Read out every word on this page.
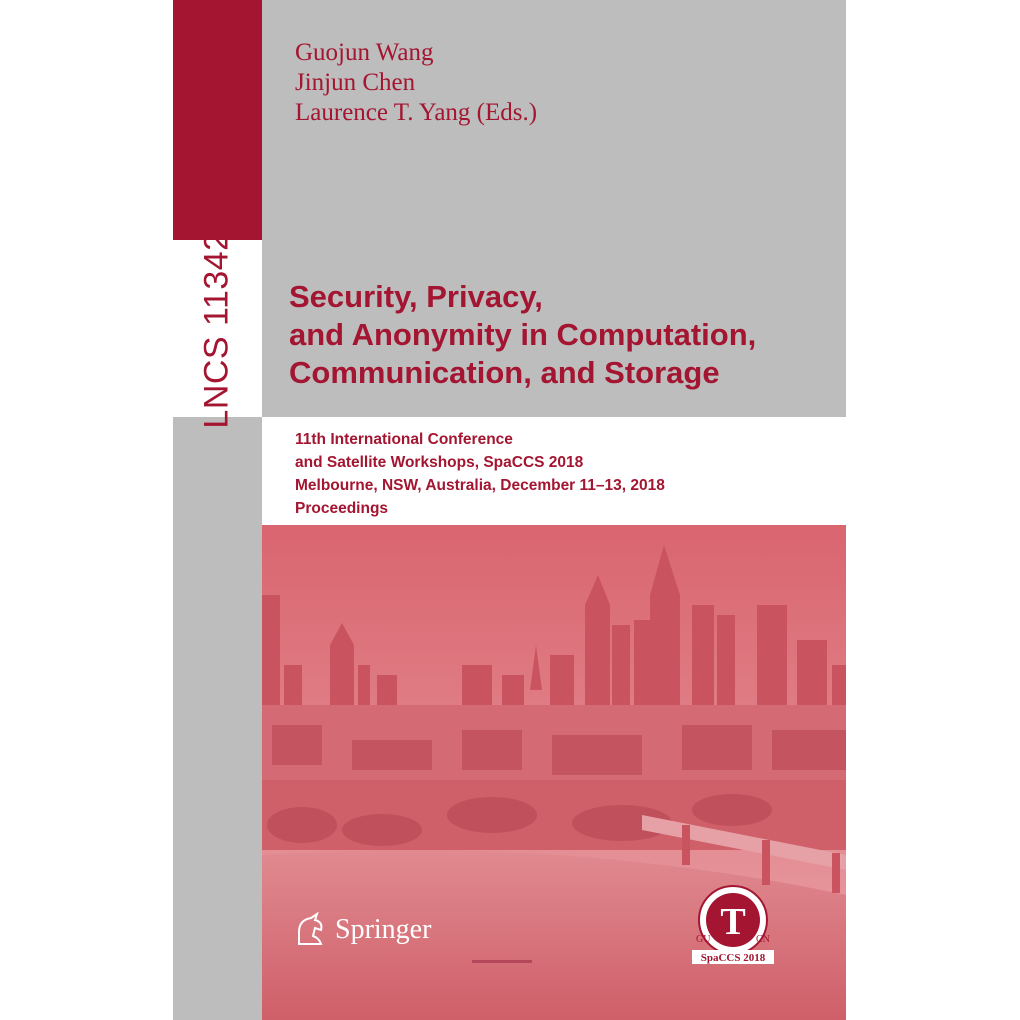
LNCS 11342
Guojun Wang
Jinjun Chen
Laurence T. Yang (Eds.)
Security, Privacy,
and Anonymity in Computation,
Communication, and Storage
11th International Conference
and Satellite Workshops, SpaCCS 2018
Melbourne, NSW, Australia, December 11–13, 2018
Proceedings
Springer	T
GU	CN
SpaCCS 2018
